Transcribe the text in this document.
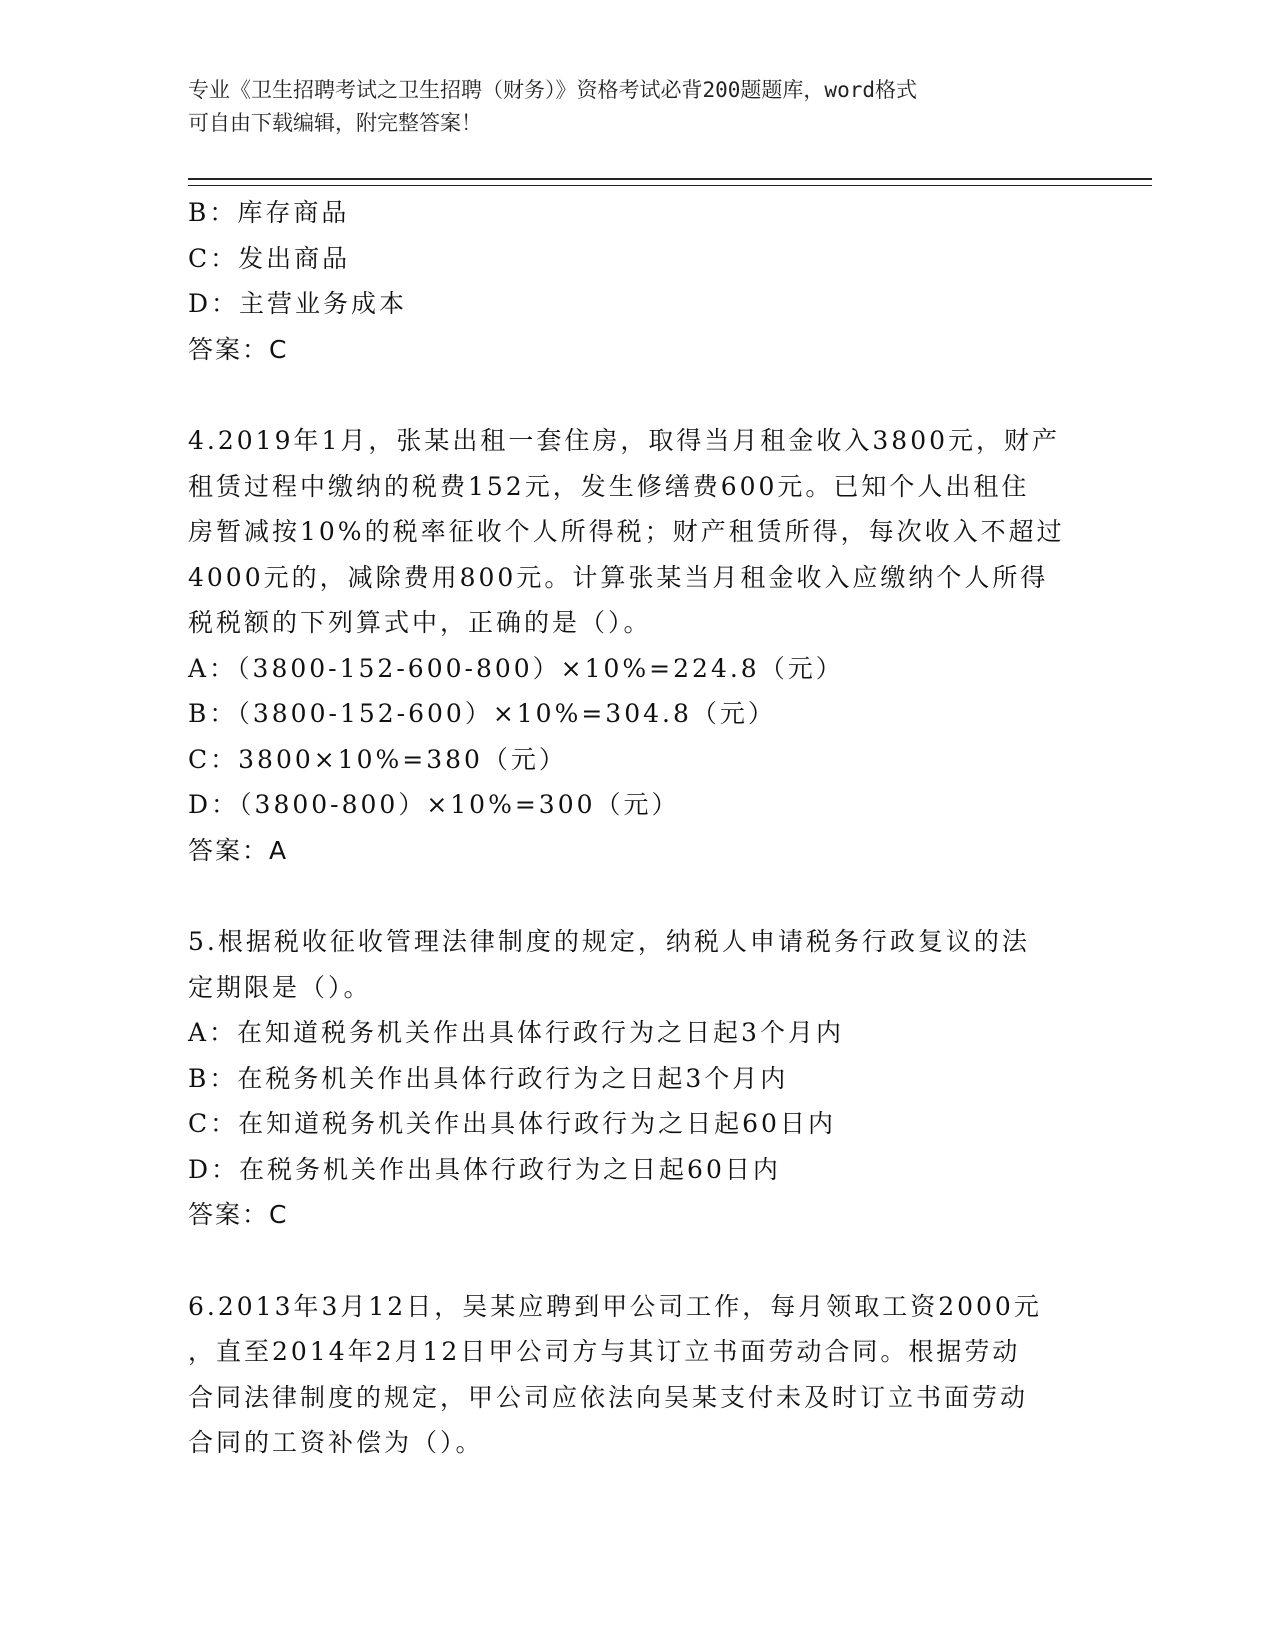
专业《卫生招聘考试之卫生招聘（财务）》资格考试必背200题题库，word格式
可自由下载编辑，附完整答案！
B：库存商品
C：发出商品
D：主营业务成本
答案：C
4.2019年1月，张某出租一套住房，取得当月租金收入3800元，财产
租赁过程中缴纳的税费152元，发生修缮费600元。已知个人出租住
房暂减按10%的税率征收个人所得税；财产租赁所得，每次收入不超过
4000元的，减除费用800元。计算张某当月租金收入应缴纳个人所得
税税额的下列算式中，正确的是（）。
A：（3800-152-600-800）×10%=224.8（元）
B：（3800-152-600）×10%=304.8（元）
C：3800×10%=380（元）
D：（3800-800）×10%=300（元）
答案：A
5.根据税收征收管理法律制度的规定，纳税人申请税务行政复议的法
定期限是（）。
A：在知道税务机关作出具体行政行为之日起3个月内
B：在税务机关作出具体行政行为之日起3个月内
C：在知道税务机关作出具体行政行为之日起60日内
D：在税务机关作出具体行政行为之日起60日内
答案：C
6.2013年3月12日，吴某应聘到甲公司工作，每月领取工资2000元
，直至2014年2月12日甲公司方与其订立书面劳动合同。根据劳动
合同法律制度的规定，甲公司应依法向吴某支付未及时订立书面劳动
合同的工资补偿为（）。
